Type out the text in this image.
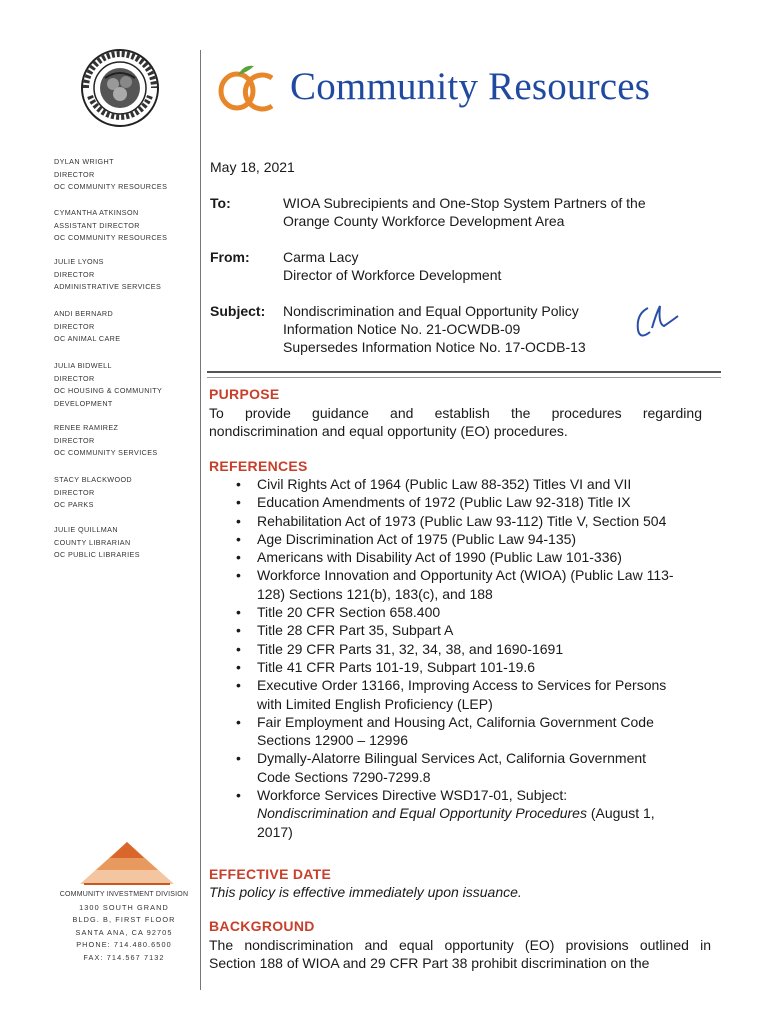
DYLAN WRIGHT
DIRECTOR
OC COMMUNITY RESOURCES
CYMANTHA ATKINSON
ASSISTANT DIRECTOR
OC COMMUNITY RESOURCES
JULIE LYONS
DIRECTOR
ADMINISTRATIVE SERVICES
ANDI BERNARD
DIRECTOR
OC ANIMAL CARE
JULIA BIDWELL
DIRECTOR
OC HOUSING & COMMUNITY
DEVELOPMENT
RENEE RAMIREZ
DIRECTOR
OC COMMUNITY SERVICES
STACY BLACKWOOD
DIRECTOR
OC PARKS
JULIE QUILLMAN
COUNTY LIBRARIAN
OC PUBLIC LIBRARIES
COMMUNITY INVESTMENT DIVISION
1300 SOUTH GRAND
BLDG. B, FIRST FLOOR
SANTA ANA, CA 92705
PHONE: 714.480.6500
FAX: 714.567 7132
Community Resources
May 18, 2021
To:	WIOA Subrecipients and One-Stop System Partners of the
Orange County Workforce Development Area
From: Carma Lacy
Director of Workforce Development
Subject: Nondiscrimination and Equal Opportunity Policy
Information Notice No. 21-OCWDB-09
Supersedes Information Notice No. 17-OCDB-13
PURPOSE
To provide guidance and establish the procedures regarding
nondiscrimination and equal opportunity (EO) procedures.
REFERENCES
• Civil Rights Act of 1964 (Public Law 88-352) Titles VI and VII
• Education Amendments of 1972 (Public Law 92-318) Title IX
• Rehabilitation Act of 1973 (Public Law 93-112) Title V, Section 504
• Age Discrimination Act of 1975 (Public Law 94-135)
• Americans with Disability Act of 1990 (Public Law 101-336)
• Workforce Innovation and Opportunity Act (WIOA) (Public Law 113-
128) Sections 121(b), 183(c), and 188
• Title 20 CFR Section 658.400
• Title 28 CFR Part 35, Subpart A
• Title 29 CFR Parts 31, 32, 34, 38, and 1690-1691
• Title 41 CFR Parts 101-19, Subpart 101-19.6
• Executive Order 13166, Improving Access to Services for Persons
with Limited English Proficiency (LEP)
• Fair Employment and Housing Act, California Government Code
Sections 12900 – 12996
• Dymally-Alatorre Bilingual Services Act, California Government
Code Sections 7290-7299.8
• Workforce Services Directive WSD17-01, Subject:
Nondiscrimination and Equal Opportunity Procedures (August 1,
2017)
EFFECTIVE DATE
This policy is effective immediately upon issuance.
BACKGROUND
The nondiscrimination and equal opportunity (EO) provisions outlined in
Section 188 of WIOA and 29 CFR Part 38 prohibit discrimination on the
